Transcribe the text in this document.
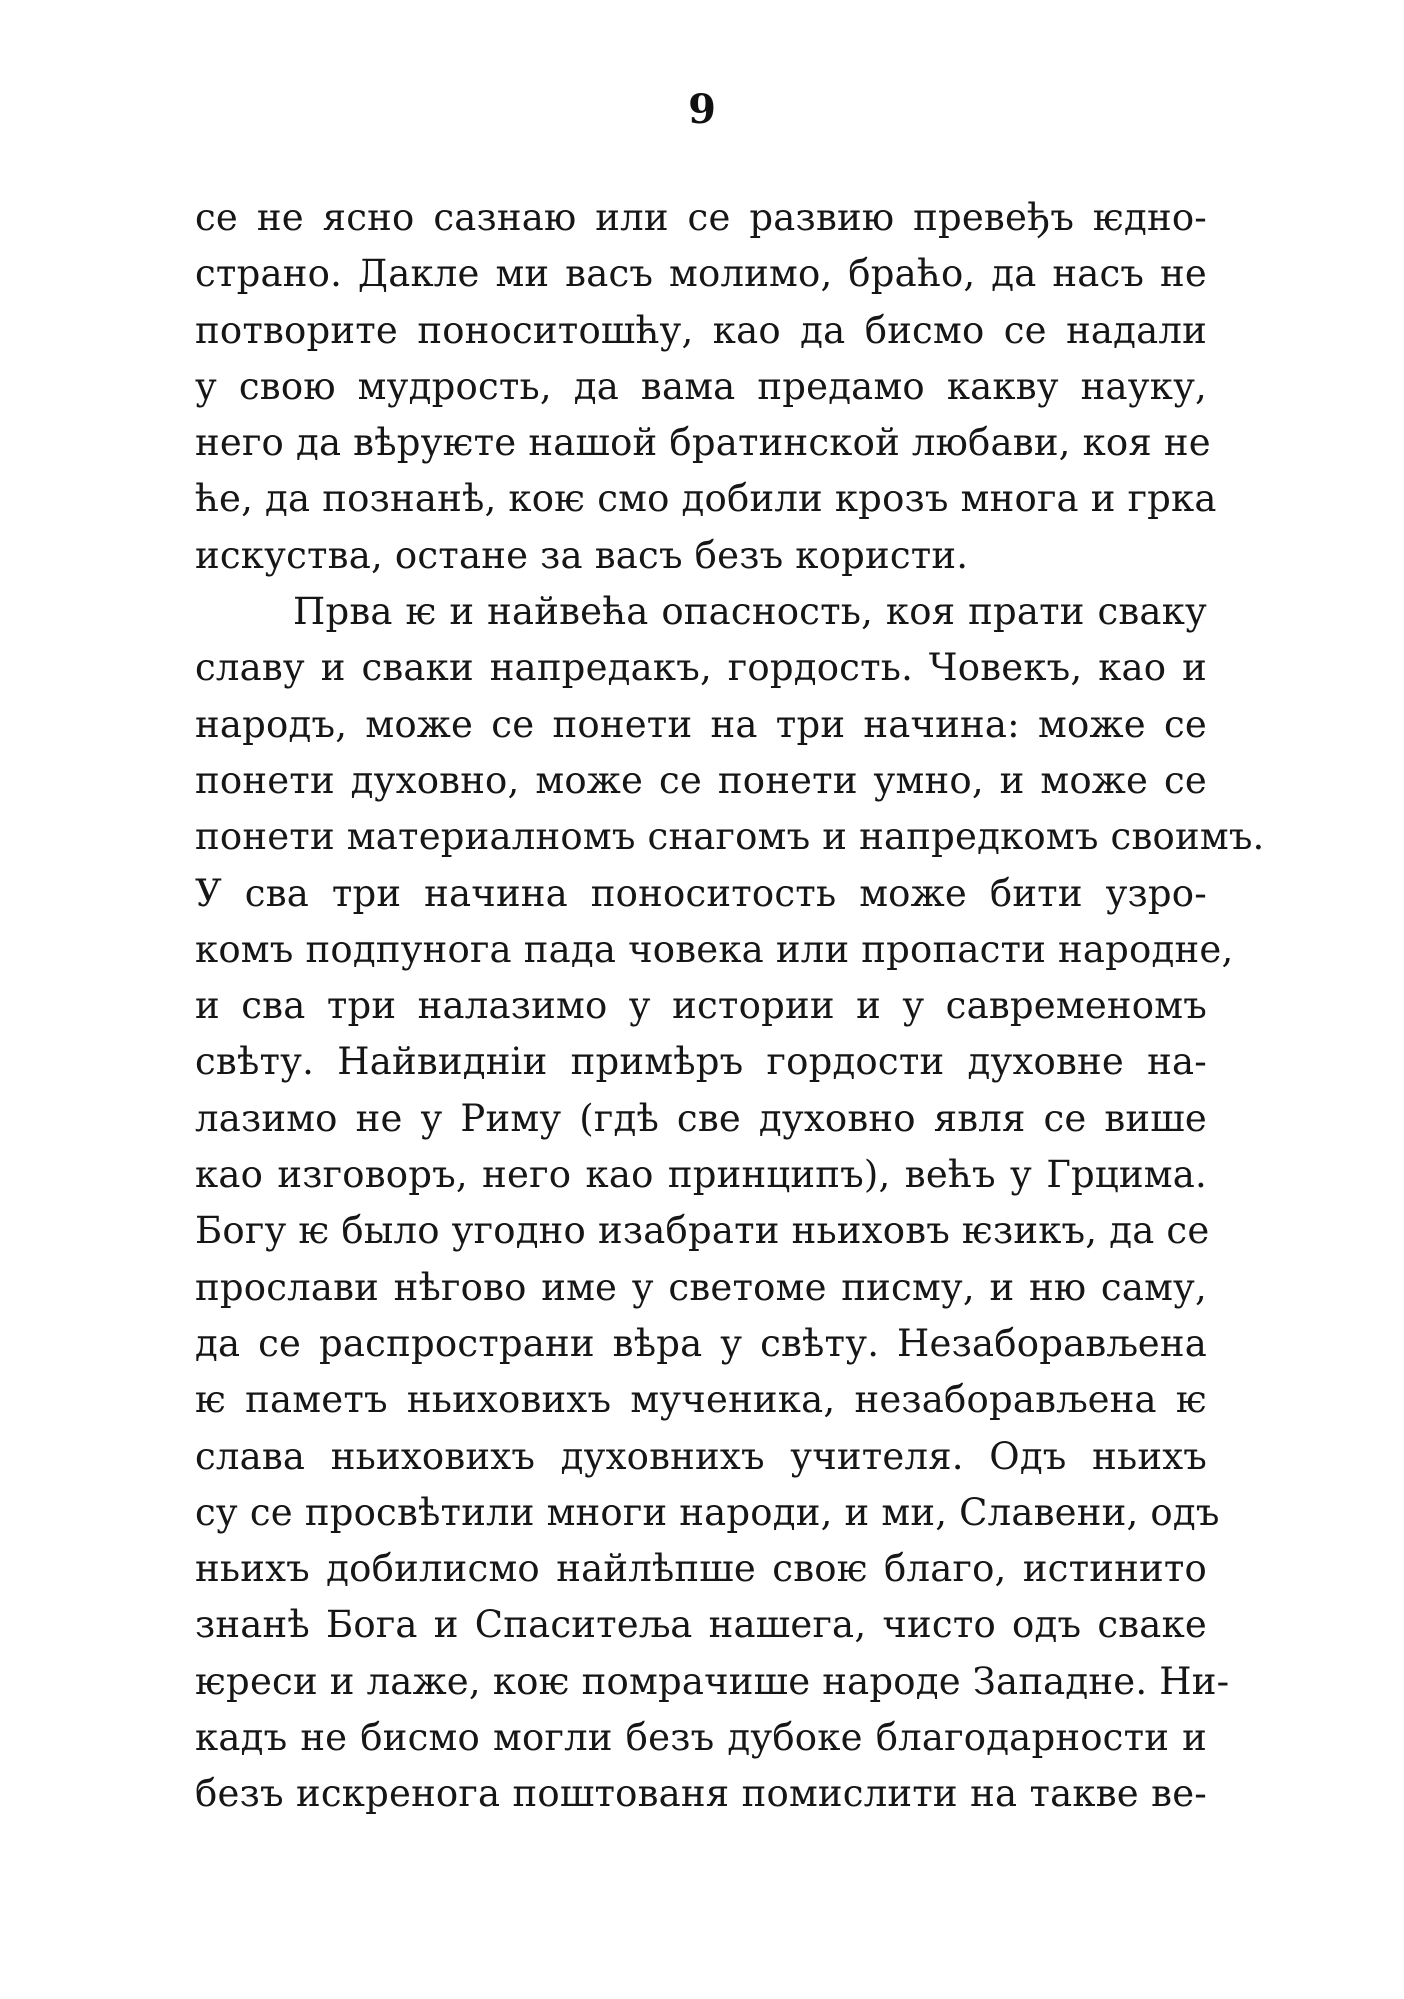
9
се не ясно сазнаю или се развию превеђъ ѥдно-
страно. Дакле ми васъ молимо, браћо, да насъ не
потворите поноситошћу, као да бисмо се надали
у свою мудрость, да вама предамо какву науку,
него да вѣруѥте нашой братинской любави, коя не
ће, да познанѣ, коѥ смо добили крозъ многа и грка
искуства, остане за васъ безъ користи.
Прва ѥ и найвећа опасность, коя прати сваку
славу и сваки напредакъ, гордость. Човекъ, као и
народъ, може се понети на три начина: може се
понети духовно, може се понети умно, и може се
понети материалномъ снагомъ и напредкомъ своимъ.
У сва три начина поноситость може бити узро-
комъ подпунога пада човека или пропасти народне,
и сва три налазимо у истории и у савременомъ
свѣту. Найвидніи примѣръ гордости духовне на-
лазимо не у Риму (гдѣ све духовно явля се више
као изговоръ, него као принципъ), већъ у Грцима.
Богу ѥ было угодно изабрати ньиховъ ѥзикъ, да се
прослави нѣгово име у светоме писму, и ню саму,
да се распространи вѣра у свѣту. Незаборављена
ѥ паметъ ньиховихъ мученика, незаборављена ѥ
слава ньиховихъ духовнихъ учителя. Одъ ньихъ
су се просвѣтили многи народи, и ми, Славени, одъ
ньихъ добилисмо найлѣпше своѥ благо, истинито
знанѣ Бога и Спаситеља нашега, чисто одъ сваке
ѥреси и лаже, коѥ помрачише народе Западне. Ни-
кадъ не бисмо могли безъ дубоке благодарности и
безъ искренога поштованя помислити на такве ве-
